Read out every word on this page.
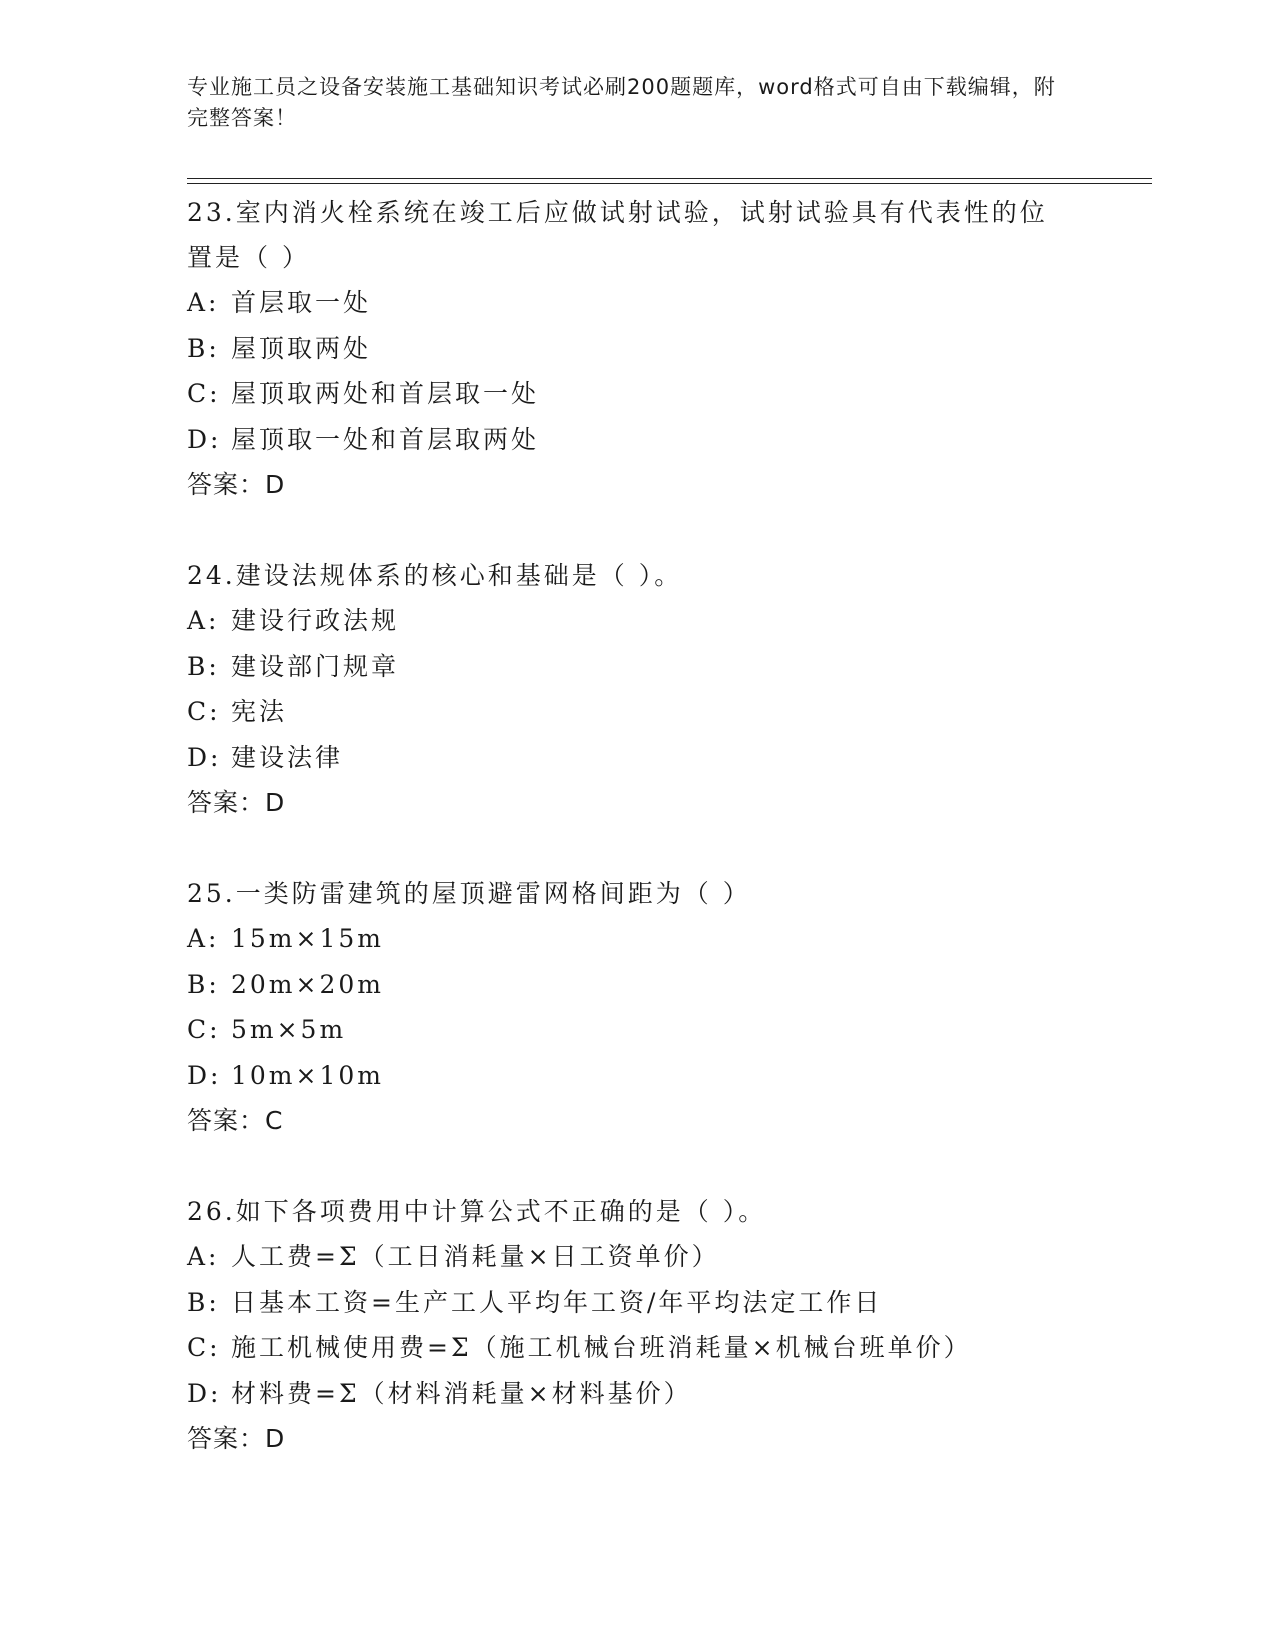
专业施工员之设备安装施工基础知识考试必刷200题题库，word格式可自由下载编辑，附完整答案！
23.室内消火栓系统在竣工后应做试射试验，试射试验具有代表性的位置是（ ）
A: 首层取一处
B: 屋顶取两处
C: 屋顶取两处和首层取一处
D: 屋顶取一处和首层取两处
答案：D
24.建设法规体系的核心和基础是（ ）。
A: 建设行政法规
B: 建设部门规章
C: 宪法
D: 建设法律
答案：D
25.一类防雷建筑的屋顶避雷网格间距为（ ）
A: 15m×15m
B: 20m×20m
C: 5m×5m
D: 10m×10m
答案：C
26.如下各项费用中计算公式不正确的是（ ）。
A: 人工费=Σ（工日消耗量×日工资单价）
B: 日基本工资=生产工人平均年工资/年平均法定工作日
C: 施工机械使用费=Σ（施工机械台班消耗量×机械台班单价）
D: 材料费=Σ（材料消耗量×材料基价）
答案：D
